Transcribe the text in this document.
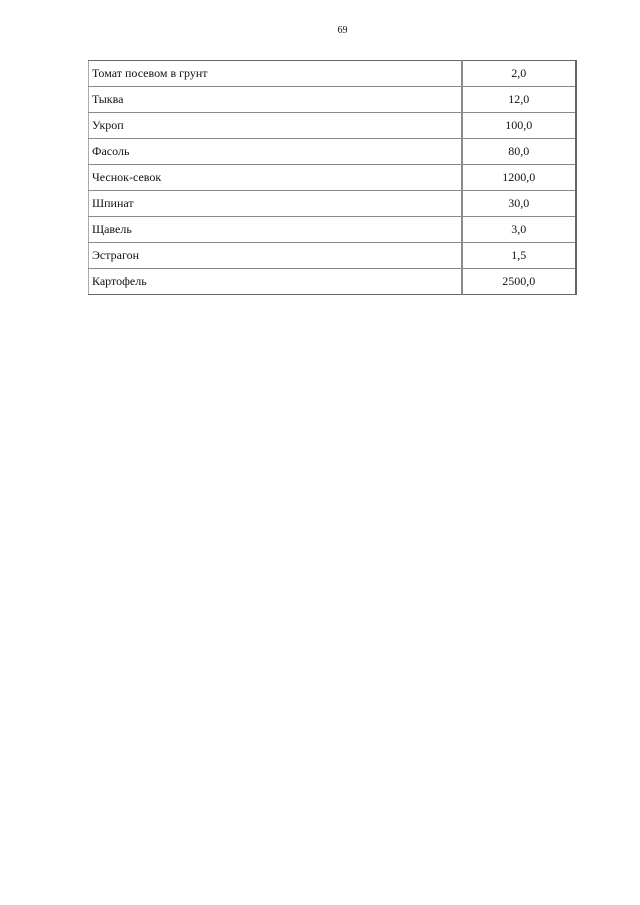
69
Томат посевом в грунт	2,0
Тыква	12,0
Укроп	100,0
Фасоль	80,0
Чеснок-севок	1200,0
Шпинат	30,0
Щавель	3,0
Эстрагон	1,5
Картофель	2500,0
